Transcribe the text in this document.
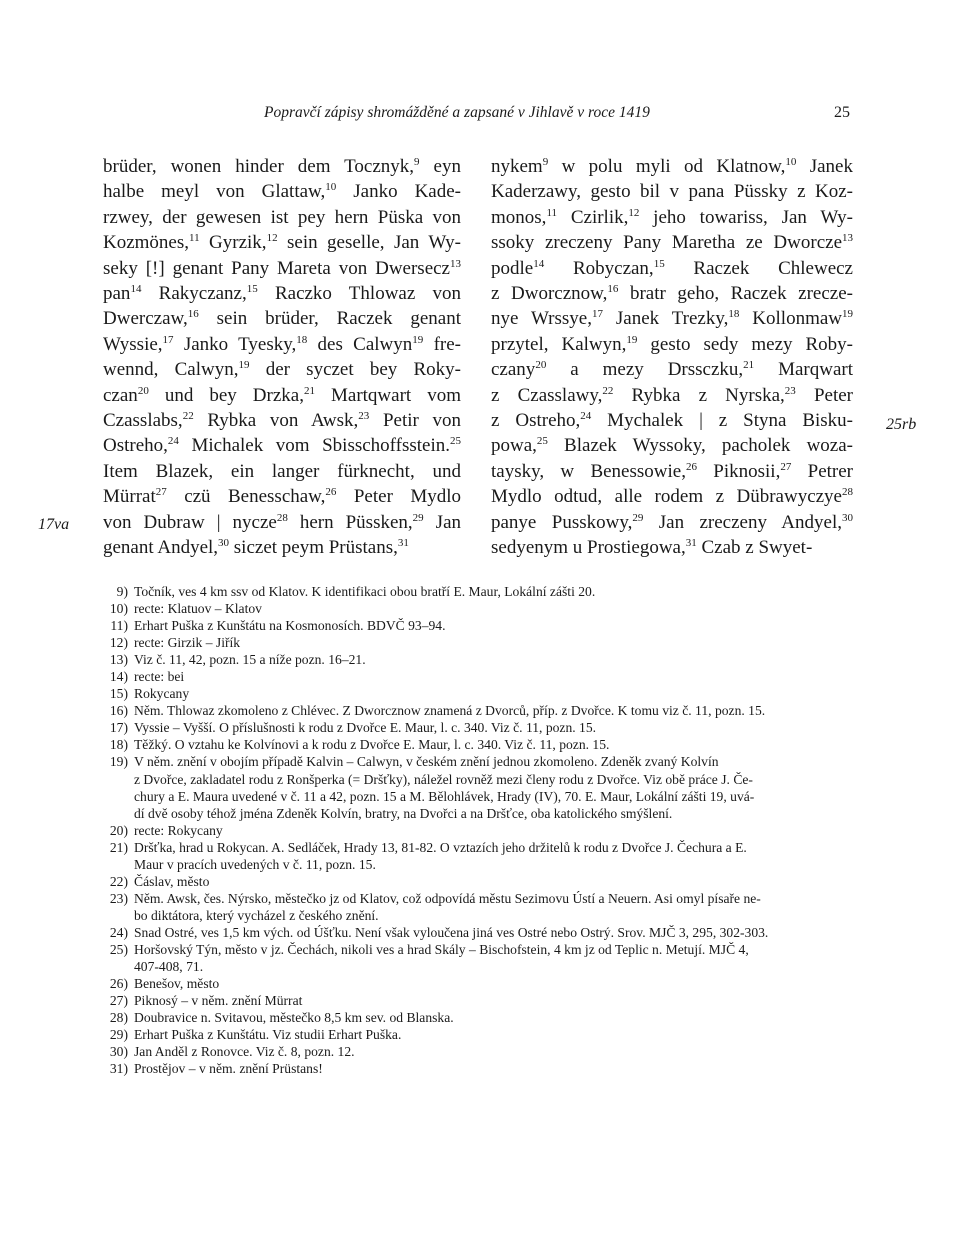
Popravčí zápisy shromážděné a zapsané v Jihlavě v roce 1419	25
17va
25rb
brüder, wonen hinder dem Tocznyk,$^9$ eyn
halbe meyl von Glattaw,$^{10}$ Janko Kade-
rzwey, der gewesen ist pey hern Püska von
Kozmönes,$^{11}$ Gyrzik,$^{12}$ sein geselle, Jan Wy-
seky [!] genant Pany Mareta von Dwersecz$^{13}$
pan$^{14}$ Rakyczanz,$^{15}$ Raczko Thlowaz von
Dwerczaw,$^{16}$ sein brüder, Raczek genant
Wyssie,$^{17}$ Janko Tyesky,$^{18}$ des Calwyn$^{19}$ fre-
wennd, Calwyn,$^{19}$ der syczet bey Roky-
czan$^{20}$ und bey Drzka,$^{21}$ Martqwart vom
Czasslabs,$^{22}$ Rybka von Awsk,$^{23}$ Petir von
Ostreho,$^{24}$ Michalek vom Sbisschoffsstein.$^{25}$
Item Blazek, ein langer fürknecht, und
Mürrat$^{27}$ czü Benesschaw,$^{26}$ Peter Mydlo
von Dubraw | nycze$^{28}$ hern Püssken,$^{29}$ Jan
genant Andyel,$^{30}$ siczet peym Prüstans,$^{31}$
nykem$^9$ w polu myli od Klatnow,$^{10}$ Janek
Kaderzawy, gesto bil v pana Püssky z Koz-
monos,$^{11}$ Czirlik,$^{12}$ jeho towariss, Jan Wy-
ssoky zreczeny Pany Maretha ze Dworcze$^{13}$
podle$^{14}$ Robyczan,$^{15}$ Raczek Chlewecz
z Dworcznow,$^{16}$ bratr geho, Raczek zrecze-
nye Wrssye,$^{17}$ Janek Trezky,$^{18}$ Kollonmaw$^{19}$
przytel, Kalwyn,$^{19}$ gesto sedy mezy Roby-
czany$^{20}$ a mezy Drssczku,$^{21}$ Marqwart
z Czasslawy,$^{22}$ Rybka z Nyrska,$^{23}$ Peter
z Ostreho,$^{24}$ Mychalek | z Styna Bisku-
powa,$^{25}$ Blazek Wyssoky, pacholek woza-
taysky, w Benessowie,$^{26}$ Piknosii,$^{27}$ Petrer
Mydlo odtud, alle rodem z Dübrawyczye$^{28}$
panye Pusskowy,$^{29}$ Jan zreczeny Andyel,$^{30}$
sedyenym u Prostiegowa,$^{31}$ Czab z Swyet-
9) Točník, ves 4 km ssv od Klatov. K identifikaci obou bratří E. Maur, Lokální zášti 20.
10) recte: Klatuov – Klatov
11) Erhart Puška z Kunštátu na Kosmonosích. BDVČ 93–94.
12) recte: Girzik – Jiřík
13) Viz č. 11, 42, pozn. 15 a níže pozn. 16–21.
14) recte: bei
15) Rokycany
16) Něm. Thlowaz zkomoleno z Chlévec. Z Dworcznow znamená z Dvorců, příp. z Dvořce. K tomu viz č. 11, pozn. 15.
17) Vyssie – Vyšší. O příslušnosti k rodu z Dvořce E. Maur, l. c. 340. Viz č. 11, pozn. 15.
18) Těžký. O vztahu ke Kolvínovi a k rodu z Dvořce E. Maur, l. c. 340. Viz č. 11, pozn. 15.
19) V něm. znění v obojím případě Kalvin – Calwyn, v českém znění jednou zkomoleno. Zdeněk zvaný Kolvín
z Dvořce, zakladatel rodu z Ronšperka (= Dršťky), náležel rovněž mezi členy rodu z Dvořce. Viz obě práce J. Če-
chury a E. Maura uvedené v č. 11 a 42, pozn. 15 a M. Bělohlávek, Hrady (IV), 70. E. Maur, Lokální zášti 19, uvá-
dí dvě osoby téhož jména Zdeněk Kolvín, bratry, na Dvořci a na Dršťce, oba katolického smýšlení.
20) recte: Rokycany
21) Dršťka, hrad u Rokycan. A. Sedláček, Hrady 13, 81-82. O vztazích jeho držitelů k rodu z Dvořce J. Čechura a E.
Maur v pracích uvedených v č. 11, pozn. 15.
22) Čáslav, město
23) Něm. Awsk, čes. Nýrsko, městečko jz od Klatov, což odpovídá městu Sezimovu Ústí a Neuern. Asi omyl písaře ne-
bo diktátora, který vycházel z českého znění.
24) Snad Ostré, ves 1,5 km vých. od Úšťku. Není však vyloučena jiná ves Ostré nebo Ostrý. Srov. MJČ 3, 295, 302-303.
25) Horšovský Týn, město v jz. Čechách, nikoli ves a hrad Skály – Bischofstein, 4 km jz od Teplic n. Metují. MJČ 4,
407-408, 71.
26) Benešov, město
27) Piknosý – v něm. znění Mürrat
28) Doubravice n. Svitavou, městečko 8,5 km sev. od Blanska.
29) Erhart Puška z Kunštátu. Viz studii Erhart Puška.
30) Jan Anděl z Ronovce. Viz č. 8, pozn. 12.
31) Prostějov – v něm. znění Prüstans!
